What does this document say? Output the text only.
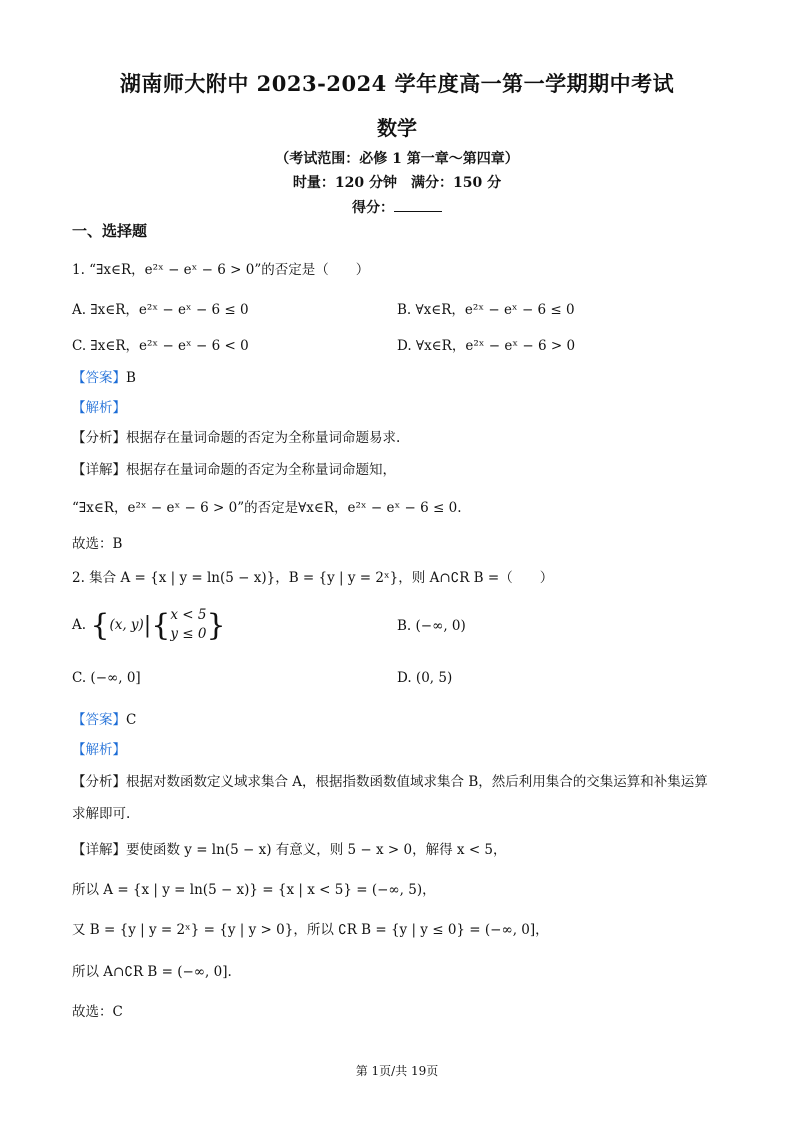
湖南师大附中 2023-2024 学年度高一第一学期期中考试
数学
（考试范围：必修 1 第一章～第四章）
时量：120 分钟　满分：150 分
得分：
一、选择题
1. “∃x∈R，e²ˣ − eˣ − 6 > 0”的否定是（　　）
A. ∃x∈R，e²ˣ − eˣ − 6 ≤ 0	B. ∀x∈R，e²ˣ − eˣ − 6 ≤ 0
C. ∃x∈R，e²ˣ − eˣ − 6 < 0	D. ∀x∈R，e²ˣ − eˣ − 6 > 0
【答案】B
【解析】
【分析】根据存在量词命题的否定为全称量词命题易求.
【详解】根据存在量词命题的否定为全称量词命题知，
“∃x∈R，e²ˣ − eˣ − 6 > 0”的否定是∀x∈R，e²ˣ − eˣ − 6 ≤ 0.
故选：B
2. 集合 A = {x | y = ln(5 − x)}，B = {y | y = 2ˣ}，则 A∩∁R B =（　　）
A. {(x, y)|{ x < 5
y ≤ 0 }	B. (−∞, 0)
C. (−∞, 0]	D. (0, 5)
【答案】C
【解析】
【分析】根据对数函数定义域求集合 A，根据指数函数值域求集合 B，然后利用集合的交集运算和补集运算
求解即可.
【详解】要使函数 y = ln(5 − x) 有意义，则 5 − x > 0，解得 x < 5，
所以 A = {x | y = ln(5 − x)} = {x | x < 5} = (−∞, 5)，
又 B = {y | y = 2ˣ} = {y | y > 0}，所以 ∁R B = {y | y ≤ 0} = (−∞, 0]，
所以 A∩∁R B = (−∞, 0].
故选：C
第 1页/共 19页
